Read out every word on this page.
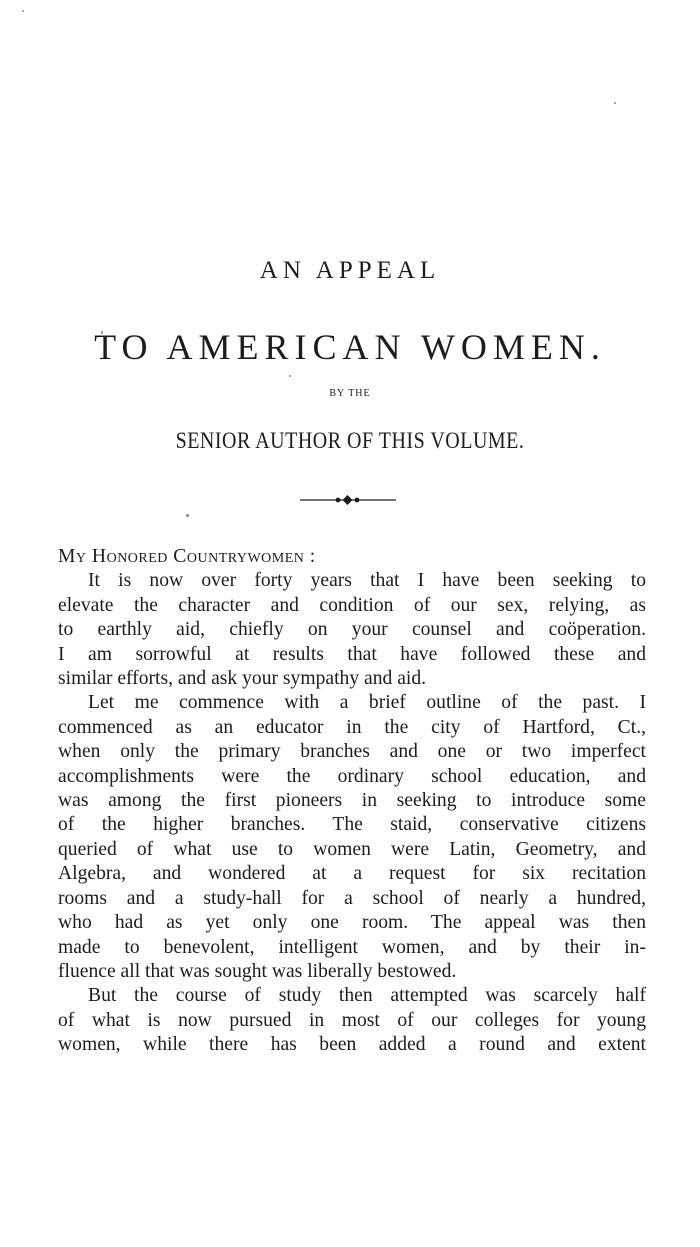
AN APPEAL
TO AMERICAN WOMEN.
BY THE
SENIOR AUTHOR OF THIS VOLUME.

My Honored Countrywomen :

It is now over forty years that I have been seeking to
elevate the character and condition of our sex, relying, as
to earthly aid, chiefly on your counsel and coöperation.
I am sorrowful at results that have followed these and
similar efforts, and ask your sympathy and aid.
Let me commence with a brief outline of the past. I
commenced as an educator in the city of Hartford, Ct.,
when only the primary branches and one or two imperfect
accomplishments were the ordinary school education, and
was among the first pioneers in seeking to introduce some
of the higher branches. The staid, conservative citizens
queried of what use to women were Latin, Geometry, and
Algebra, and wondered at a request for six recitation
rooms and a study-hall for a school of nearly a hundred,
who had as yet only one room. The appeal was then
made to benevolent, intelligent women, and by their in-
fluence all that was sought was liberally bestowed.
But the course of study then attempted was scarcely half
of what is now pursued in most of our colleges for young
women, while there has been added a round and extent
